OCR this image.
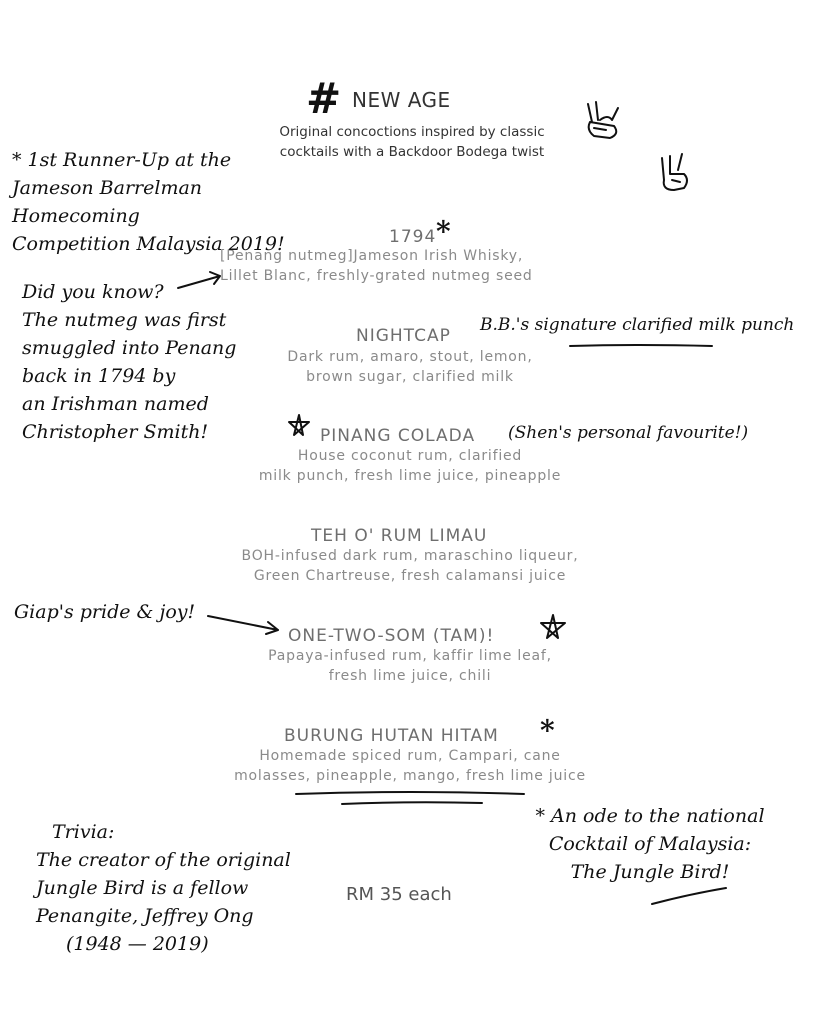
# NEW AGE
Original concoctions inspired by classic
cocktails with a Backdoor Bodega twist
1794 *
[Penang nutmeg]Jameson Irish Whisky,
Lillet Blanc, freshly-grated nutmeg seed
NIGHTCAP
Dark rum, amaro, stout, lemon,
brown sugar, clarified milk
B.B.'s signature clarified milk punch
PINANG COLADA
House coconut rum, clarified
milk punch, fresh lime juice, pineapple
(Shen's personal favourite!)
TEH O' RUM LIMAU
BOH-infused dark rum, maraschino liqueur,
Green Chartreuse, fresh calamansi juice
ONE-TWO-SOM (TAM)!
Papaya-infused rum, kaffir lime leaf,
fresh lime juice, chili
BURUNG HUTAN HITAM *
Homemade spiced rum, Campari, cane
molasses, pineapple, mango, fresh lime juice
RM 35 each
* 1st Runner-Up at the
Jameson Barrelman Homecoming
Competition Malaysia 2019!
Did you know?
The nutmeg was first
smuggled into Penang
back in 1794 by
an Irishman named
Christopher Smith!
Giap's pride & joy!
Trivia:
The creator of the original
Jungle Bird is a fellow
Penangite, Jeffrey Ong
(1948 — 2019)
* An ode to the national
Cocktail of Malaysia:
The Jungle Bird!
